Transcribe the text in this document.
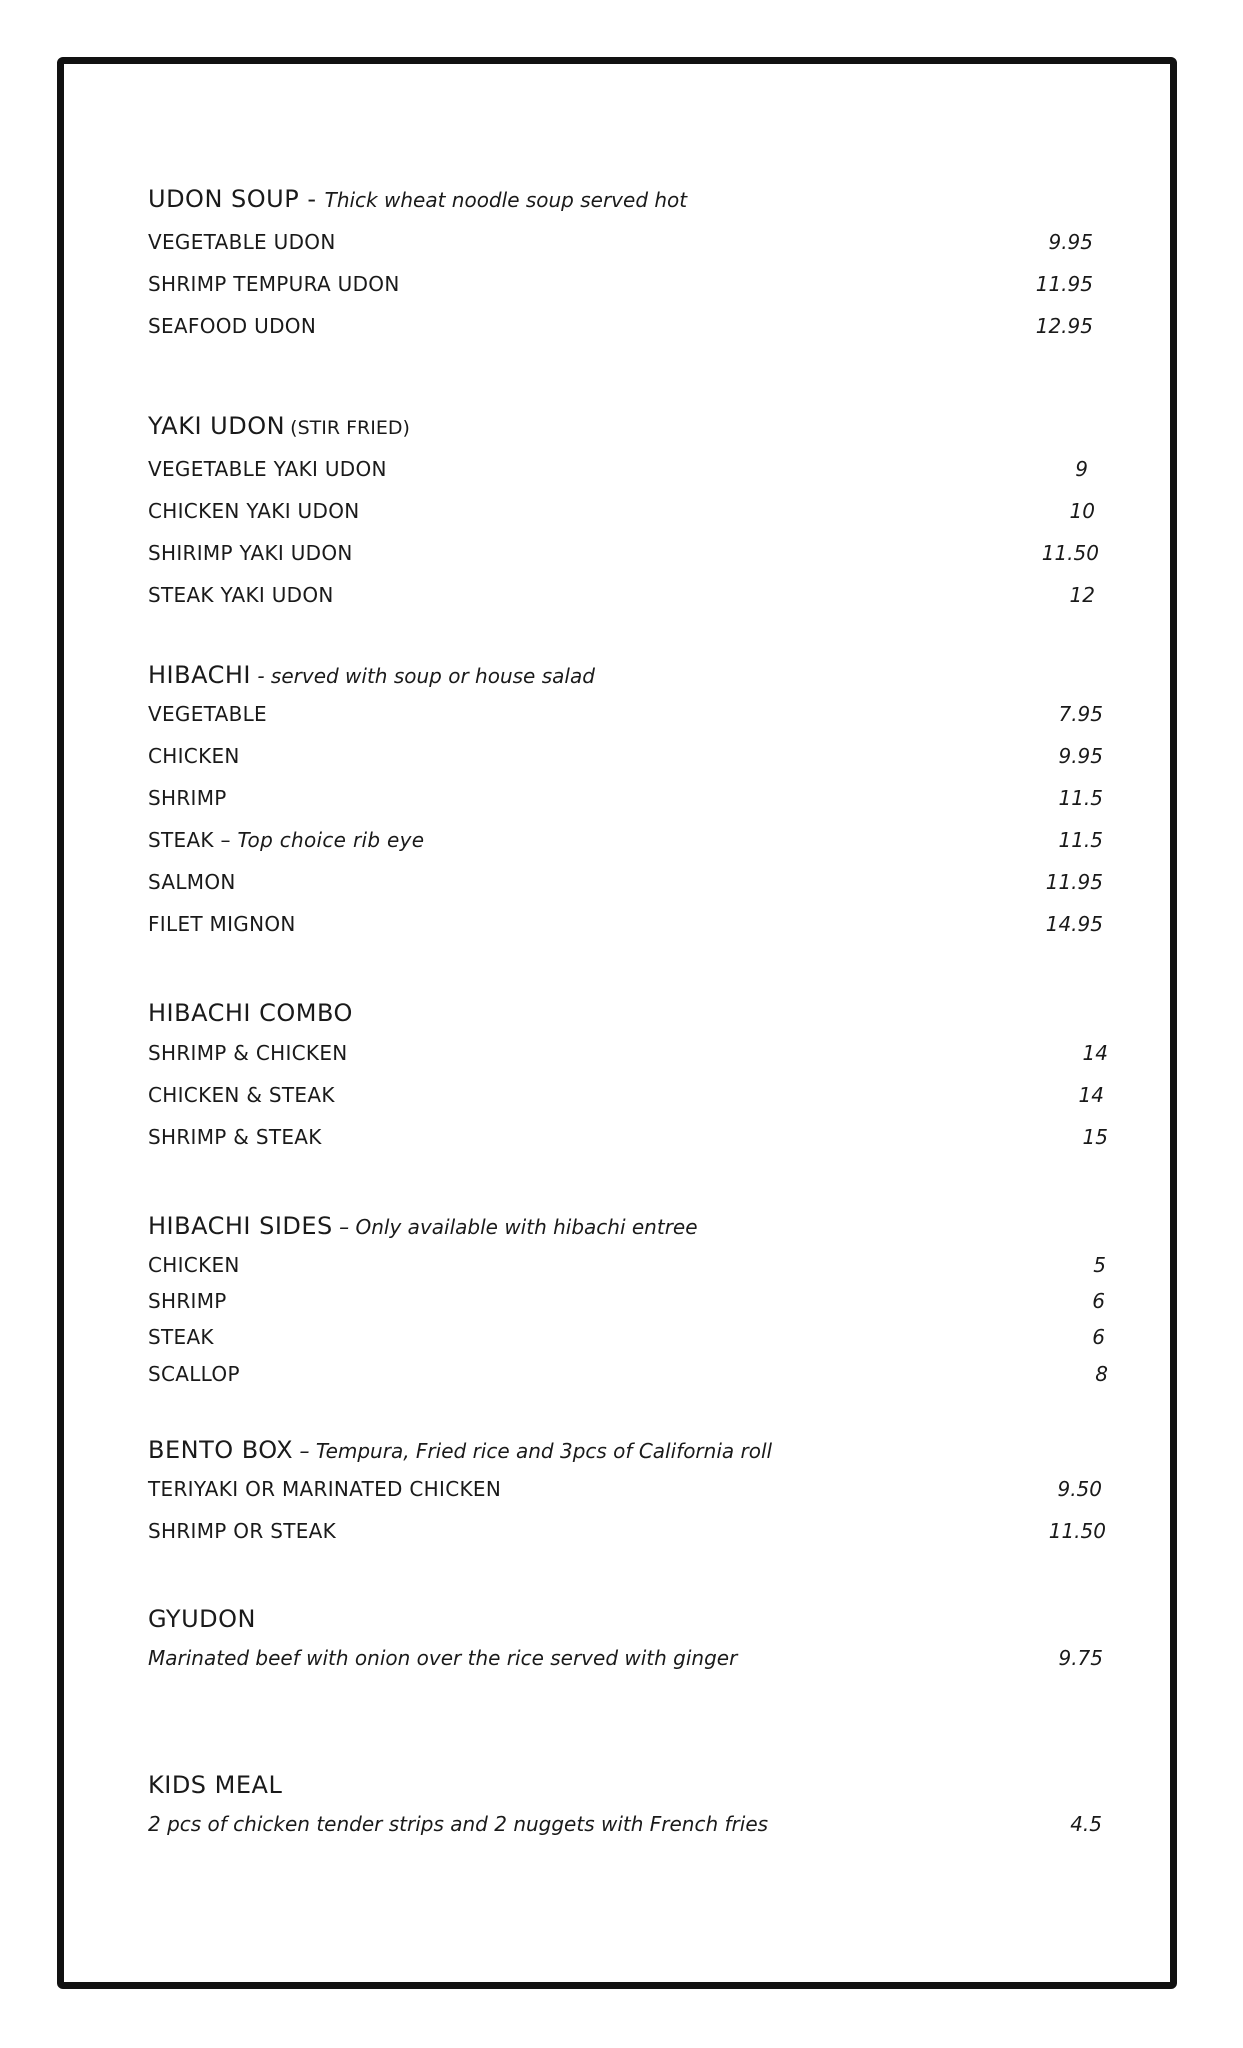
UDON SOUP - Thick wheat noodle soup served hot
VEGETABLE UDON	9.95
SHRIMP TEMPURA UDON	11.95
SEAFOOD UDON	12.95
YAKI UDON (STIR FRIED)
VEGETABLE YAKI UDON	9
CHICKEN YAKI UDON	10
SHIRIMP YAKI UDON	11.50
STEAK YAKI UDON	12
HIBACHI - served with soup or house salad
VEGETABLE	7.95
CHICKEN	9.95
SHRIMP	11.5
STEAK – Top choice rib eye	11.5
SALMON	11.95
FILET MIGNON	14.95
HIBACHI COMBO
SHRIMP & CHICKEN	14
CHICKEN & STEAK	14
SHRIMP & STEAK	15
HIBACHI SIDES – Only available with hibachi entree
CHICKEN	5
SHRIMP	6
STEAK	6
SCALLOP	8
BENTO BOX – Tempura, Fried rice and 3pcs of California roll
TERIYAKI OR MARINATED CHICKEN	9.50
SHRIMP OR STEAK	11.50
GYUDON
Marinated beef with onion over the rice served with ginger	9.75
KIDS MEAL
2 pcs of chicken tender strips and 2 nuggets with French fries	4.5
